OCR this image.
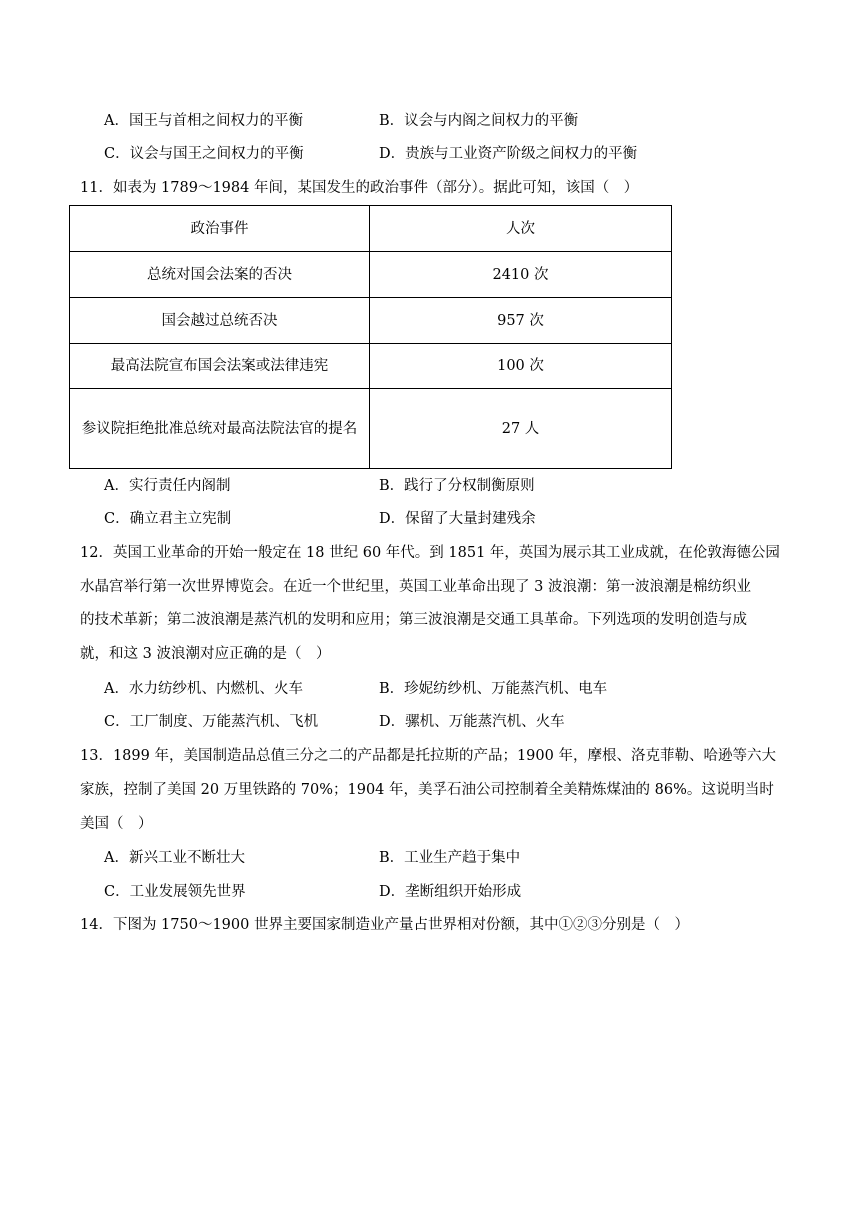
A．国王与首相之间权力的平衡	B．议会与内阁之间权力的平衡
C．议会与国王之间权力的平衡	D．贵族与工业资产阶级之间权力的平衡
11．如表为 1789～1984 年间，某国发生的政治事件（部分）。据此可知，该国（　）
政治事件	人次
总统对国会法案的否决	2410 次
国会越过总统否决	957 次
最高法院宣布国会法案或法律违宪	100 次
参议院拒绝批准总统对最高法院法官的提名	27 人
A．实行责任内阁制	B．践行了分权制衡原则
C．确立君主立宪制	D．保留了大量封建残余
12．英国工业革命的开始一般定在 18 世纪 60 年代。到 1851 年，英国为展示其工业成就，在伦敦海德公园
水晶宫举行第一次世界博览会。在近一个世纪里，英国工业革命出现了 3 波浪潮：第一波浪潮是棉纺织业
的技术革新；第二波浪潮是蒸汽机的发明和应用；第三波浪潮是交通工具革命。下列选项的发明创造与成
就，和这 3 波浪潮对应正确的是（　）
A．水力纺纱机、内燃机、火车	B．珍妮纺纱机、万能蒸汽机、电车
C．工厂制度、万能蒸汽机、飞机	D．骡机、万能蒸汽机、火车
13．1899 年，美国制造品总值三分之二的产品都是托拉斯的产品；1900 年，摩根、洛克菲勒、哈逊等六大
家族，控制了美国 20 万里铁路的 70%；1904 年，美孚石油公司控制着全美精炼煤油的 86%。这说明当时
美国（　）
A．新兴工业不断壮大	B．工业生产趋于集中
C．工业发展领先世界	D．垄断组织开始形成
14．下图为 1750～1900 世界主要国家制造业产量占世界相对份额，其中①②③分别是（　）
